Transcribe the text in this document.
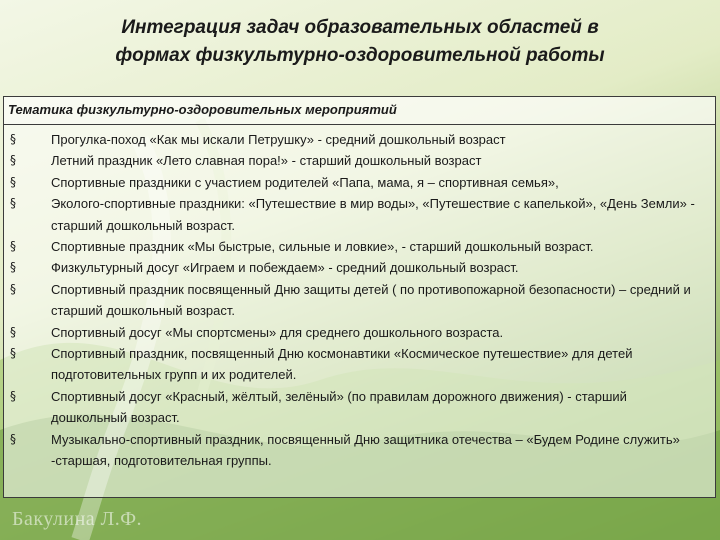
Интеграция задач образовательных областей в
формах физкультурно-оздоровительной работы
Тематика физкультурно-оздоровительных мероприятий
§	Прогулка-поход «Как мы искали Петрушку» - средний дошкольный возраст
§	Летний праздник «Лето славная пора!» - старший дошкольный возраст
§	Спортивные праздники с участием родителей «Папа, мама, я – спортивная семья»,
§	Эколого-спортивные праздники: «Путешествие в мир воды», «Путешествие с капелькой», «День Земли» - старший дошкольный возраст.
§	Спортивные праздник «Мы быстрые, сильные и ловкие», - старший дошкольный возраст.
§	Физкультурный досуг «Играем и побеждаем» - средний дошкольный возраст.
§	Спортивный праздник посвященный Дню защиты детей ( по противопожарной безопасности) – средний и старший дошкольный возраст.
§	Спортивный досуг «Мы спортсмены» для среднего дошкольного возраста.
§	Спортивный праздник, посвященный Дню космонавтики «Космическое путешествие» для детей подготовительных групп и их родителей.
§	Спортивный досуг «Красный, жёлтый, зелёный» (по правилам дорожного движения) - старший дошкольный возраст.
§	Музыкально-спортивный праздник, посвященный Дню защитника отечества – «Будем Родине служить» -старшая, подготовительная группы.
Бакулина Л.Ф.
